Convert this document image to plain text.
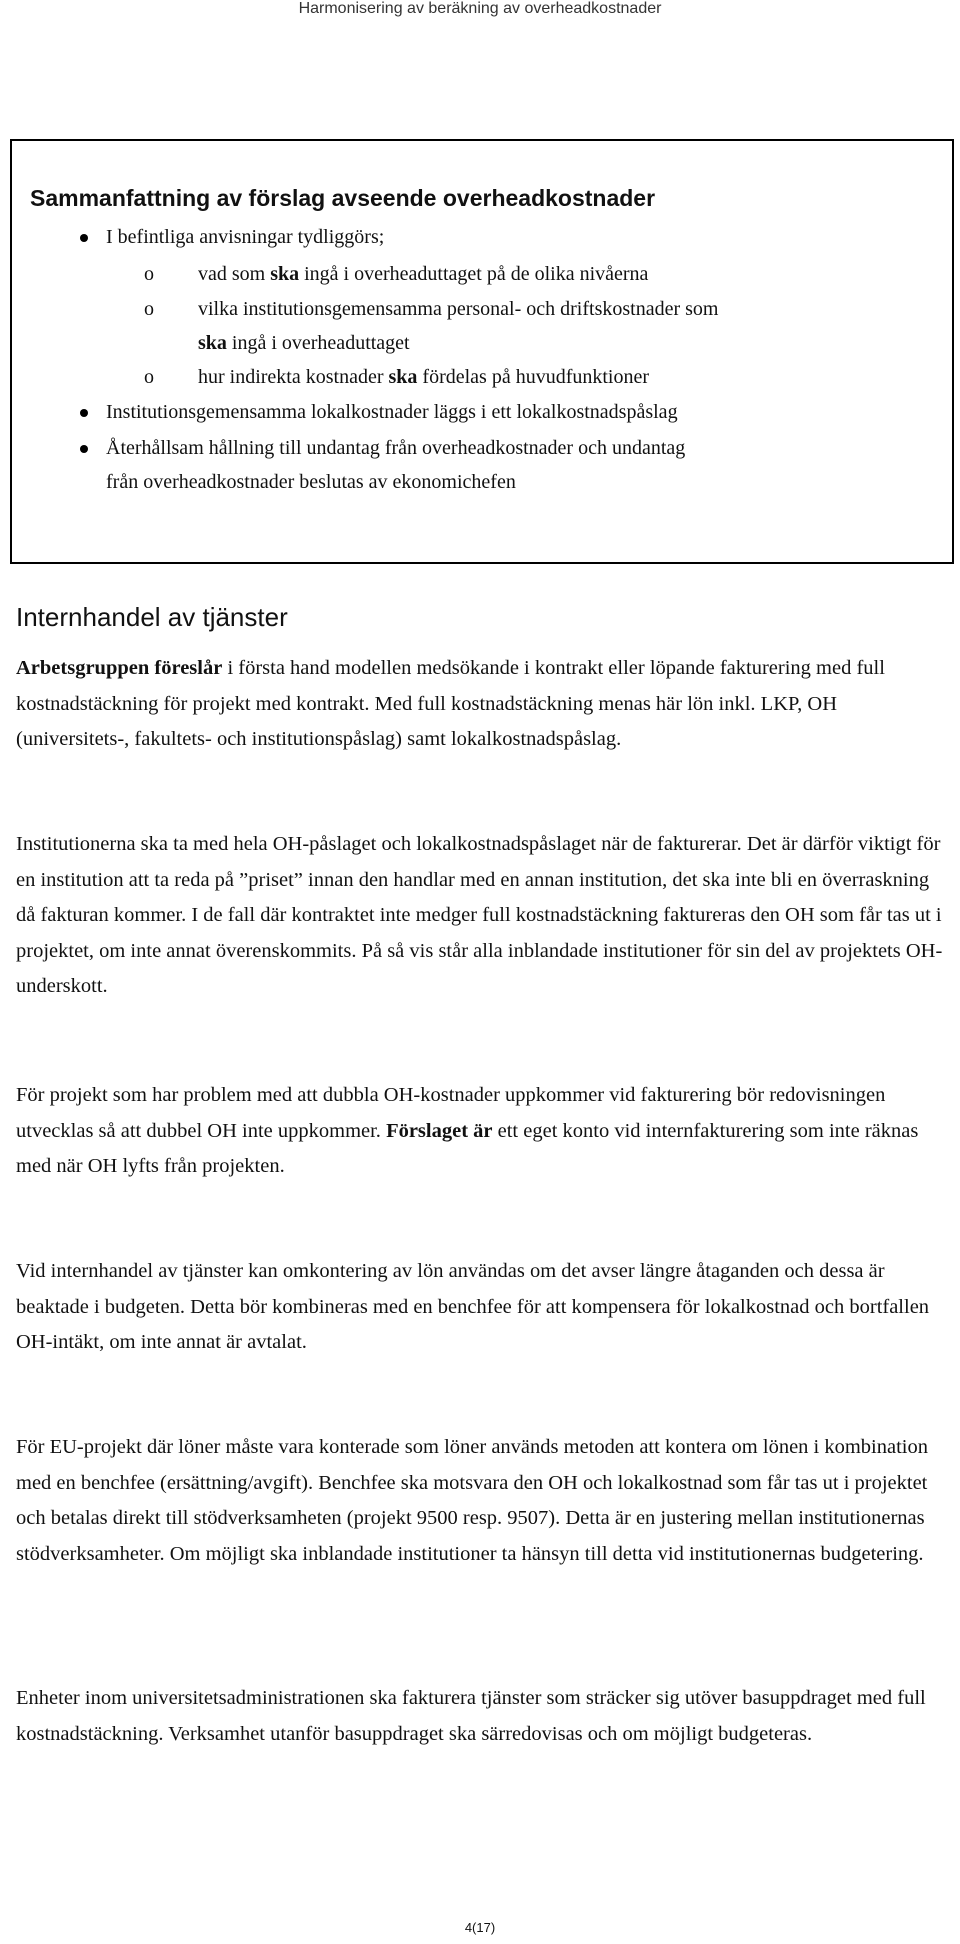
Harmonisering av beräkning av overheadkostnader
Sammanfattning av förslag avseende overheadkostnader
I befintliga anvisningar tydliggörs;
o vad som ska ingå i overheaduttaget på de olika nivåerna
o vilka institutionsgemensamma personal- och driftskostnader som
ska ingå i overheaduttaget
o hur indirekta kostnader ska fördelas på huvudfunktioner
Institutionsgemensamma lokalkostnader läggs i ett lokalkostnadspåslag
Återhållsam hållning till undantag från overheadkostnader och undantag
från overheadkostnader beslutas av ekonomichefen
Internhandel av tjänster
Arbetsgruppen föreslår i första hand modellen medsökande i kontrakt eller löpande fakturering med full kostnadstäckning för projekt med kontrakt. Med full kostnadstäckning menas här lön inkl. LKP, OH (universitets-, fakultets- och institutionspåslag) samt lokalkostnadspåslag.
Institutionerna ska ta med hela OH-påslaget och lokalkostnadspåslaget när de fakturerar. Det är därför viktigt för en institution att ta reda på ”priset” innan den handlar med en annan institution, det ska inte bli en överraskning då fakturan kommer. I de fall där kontraktet inte medger full kostnadstäckning faktureras den OH som får tas ut i projektet, om inte annat överenskommits. På så vis står alla inblandade institutioner för sin del av projektets OH-underskott.
För projekt som har problem med att dubbla OH-kostnader uppkommer vid fakturering bör redovisningen utvecklas så att dubbel OH inte uppkommer. Förslaget är ett eget konto vid internfakturering som inte räknas med när OH lyfts från projekten.
Vid internhandel av tjänster kan omkontering av lön användas om det avser längre åtaganden och dessa är beaktade i budgeten. Detta bör kombineras med en benchfee för att kompensera för lokalkostnad och bortfallen OH-intäkt, om inte annat är avtalat.
För EU-projekt där löner måste vara konterade som löner används metoden att kontera om lönen i kombination med en benchfee (ersättning/avgift). Benchfee ska motsvara den OH och lokalkostnad som får tas ut i projektet och betalas direkt till stödverksamheten (projekt 9500 resp. 9507). Detta är en justering mellan institutionernas stödverksamheter. Om möjligt ska inblandade institutioner ta hänsyn till detta vid institutionernas budgetering.
Enheter inom universitetsadministrationen ska fakturera tjänster som sträcker sig utöver basuppdraget med full kostnadstäckning. Verksamhet utanför basuppdraget ska särredovisas och om möjligt budgeteras.
4(17)
